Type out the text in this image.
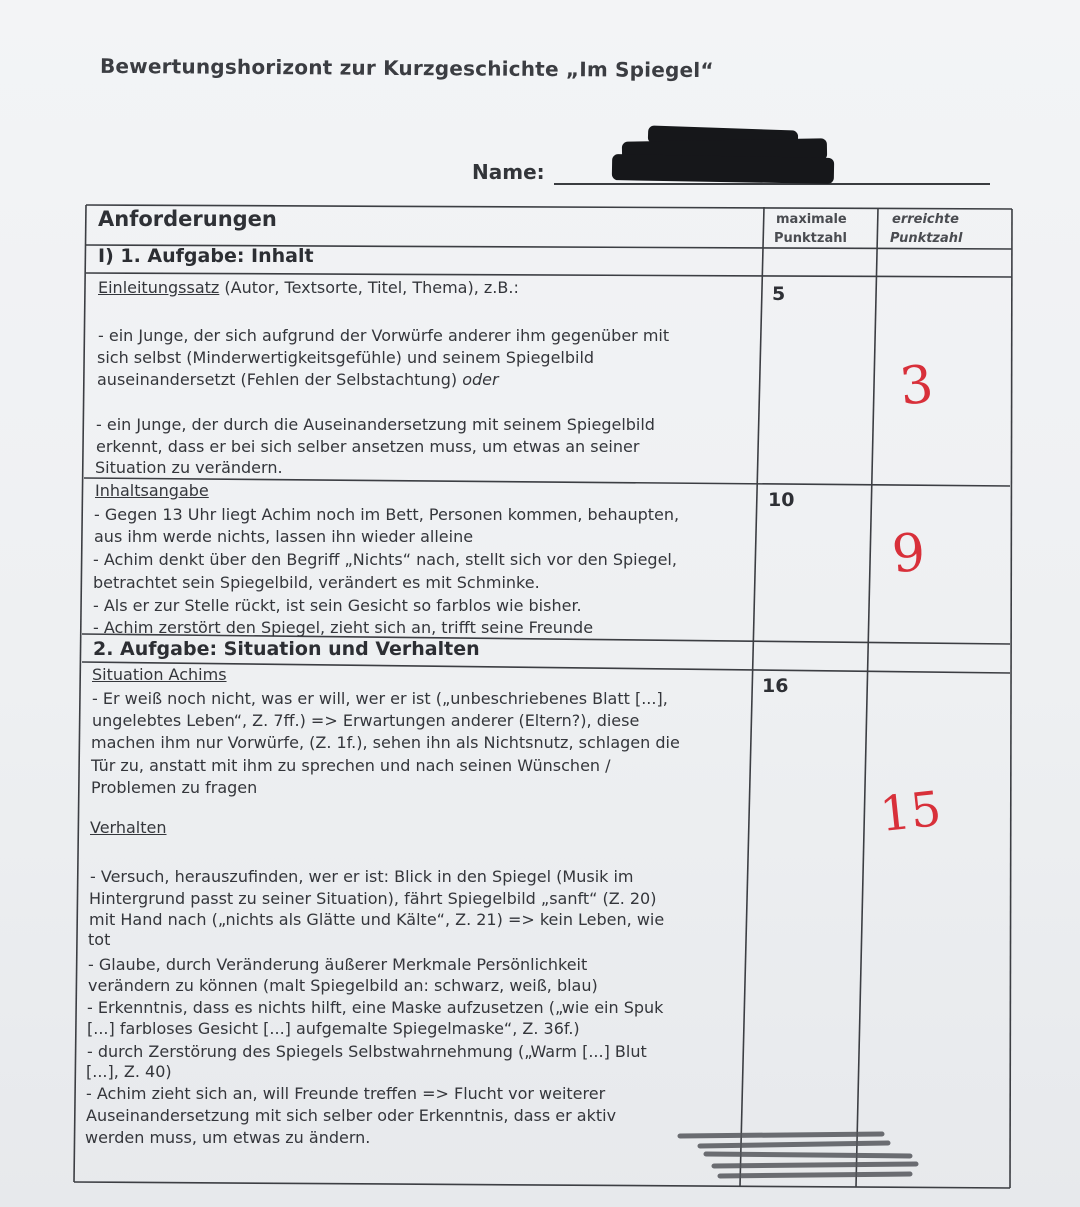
Bewertungshorizont zur Kurzgeschichte „Im Spiegel“
Name:
Anforderungen	maximale
Punktzahl
erreichte
Punktzahl
I) 1. Aufgabe: Inhalt
Einleitungssatz (Autor, Textsorte, Titel, Thema), z.B.:
- ein Junge, der sich aufgrund der Vorwürfe anderer ihm gegenüber mit
sich selbst (Minderwertigkeitsgefühle) und seinem Spiegelbild
auseinandersetzt (Fehlen der Selbstachtung) oder
- ein Junge, der durch die Auseinandersetzung mit seinem Spiegelbild
erkennt, dass er bei sich selber ansetzen muss, um etwas an seiner
Situation zu verändern.
5
3
Inhaltsangabe
- Gegen 13 Uhr liegt Achim noch im Bett, Personen kommen, behaupten,
aus ihm werde nichts, lassen ihn wieder alleine
- Achim denkt über den Begriff „Nichts“ nach, stellt sich vor den Spiegel,
betrachtet sein Spiegelbild, verändert es mit Schminke.
- Als er zur Stelle rückt, ist sein Gesicht so farblos wie bisher.
- Achim zerstört den Spiegel, zieht sich an, trifft seine Freunde
10
9
2. Aufgabe: Situation und Verhalten
Situation Achims
- Er weiß noch nicht, was er will, wer er ist („unbeschriebenes Blatt [...],
ungelebtes Leben“, Z. 7ff.) => Erwartungen anderer (Eltern?), diese
machen ihm nur Vorwürfe, (Z. 1f.), sehen ihn als Nichtsnutz, schlagen die
Tür zu, anstatt mit ihm zu sprechen und nach seinen Wünschen /
Problemen zu fragen
Verhalten
- Versuch, herauszufinden, wer er ist: Blick in den Spiegel (Musik im
Hintergrund passt zu seiner Situation), fährt Spiegelbild „sanft“ (Z. 20)
mit Hand nach („nichts als Glätte und Kälte“, Z. 21) => kein Leben, wie
tot
- Glaube, durch Veränderung äußerer Merkmale Persönlichkeit
verändern zu können (malt Spiegelbild an: schwarz, weiß, blau)
- Erkenntnis, dass es nichts hilft, eine Maske aufzusetzen („wie ein Spuk
[...] farbloses Gesicht [...] aufgemalte Spiegelmaske“, Z. 36f.)
- durch Zerstörung des Spiegels Selbstwahrnehmung („Warm [...] Blut
[...], Z. 40)
- Achim zieht sich an, will Freunde treffen => Flucht vor weiterer
Auseinandersetzung mit sich selber oder Erkenntnis, dass er aktiv
werden muss, um etwas zu ändern.
16
15
